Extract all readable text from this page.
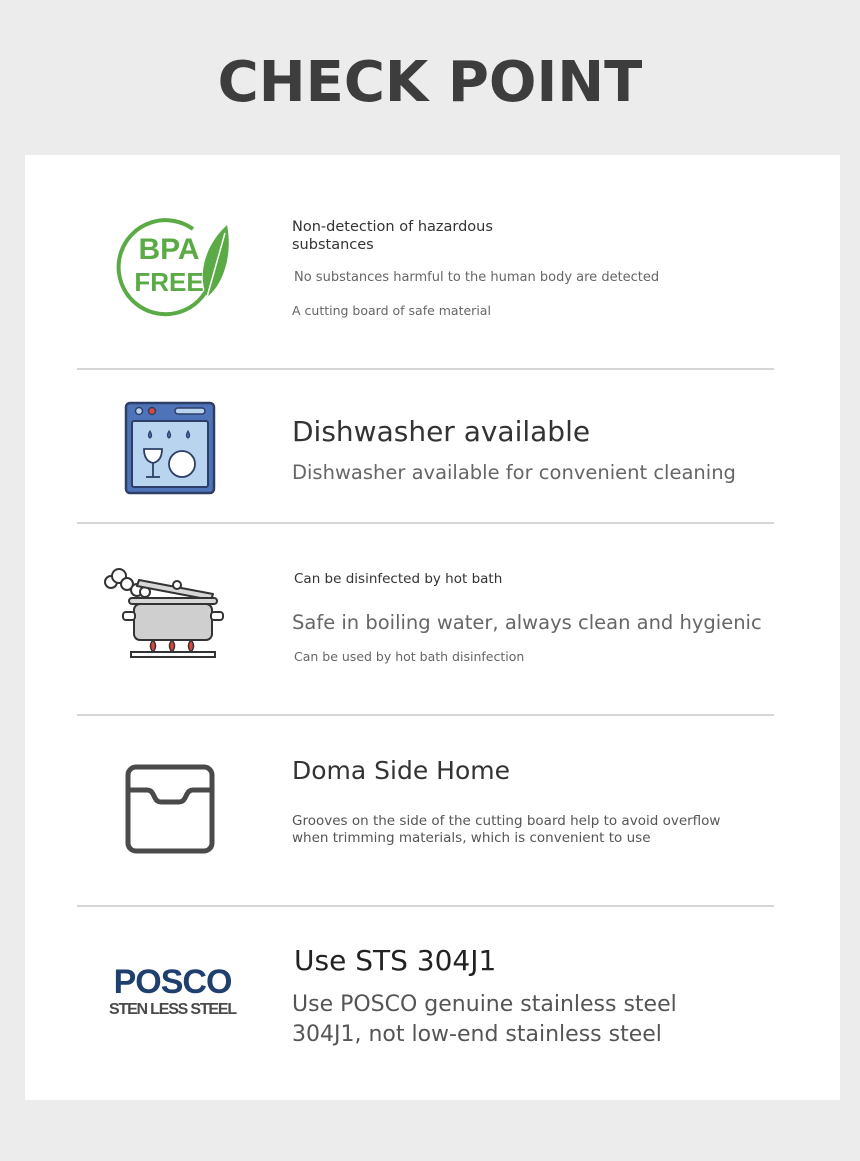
CHECK POINT
BPA
FREE
Non-detection of hazardous
substances
No substances harmful to the human body are detected
A cutting board of safe material
Dishwasher available
Dishwasher available for convenient cleaning
Can be disinfected by hot bath
Safe in boiling water, always clean and hygienic
Can be used by hot bath disinfection
Doma Side Home
Grooves on the side of the cutting board help to avoid overflow
when trimming materials, which is convenient to use
POSCO
STEN LESS STEEL
Use STS 304J1
Use POSCO genuine stainless steel
304J1, not low-end stainless steel
